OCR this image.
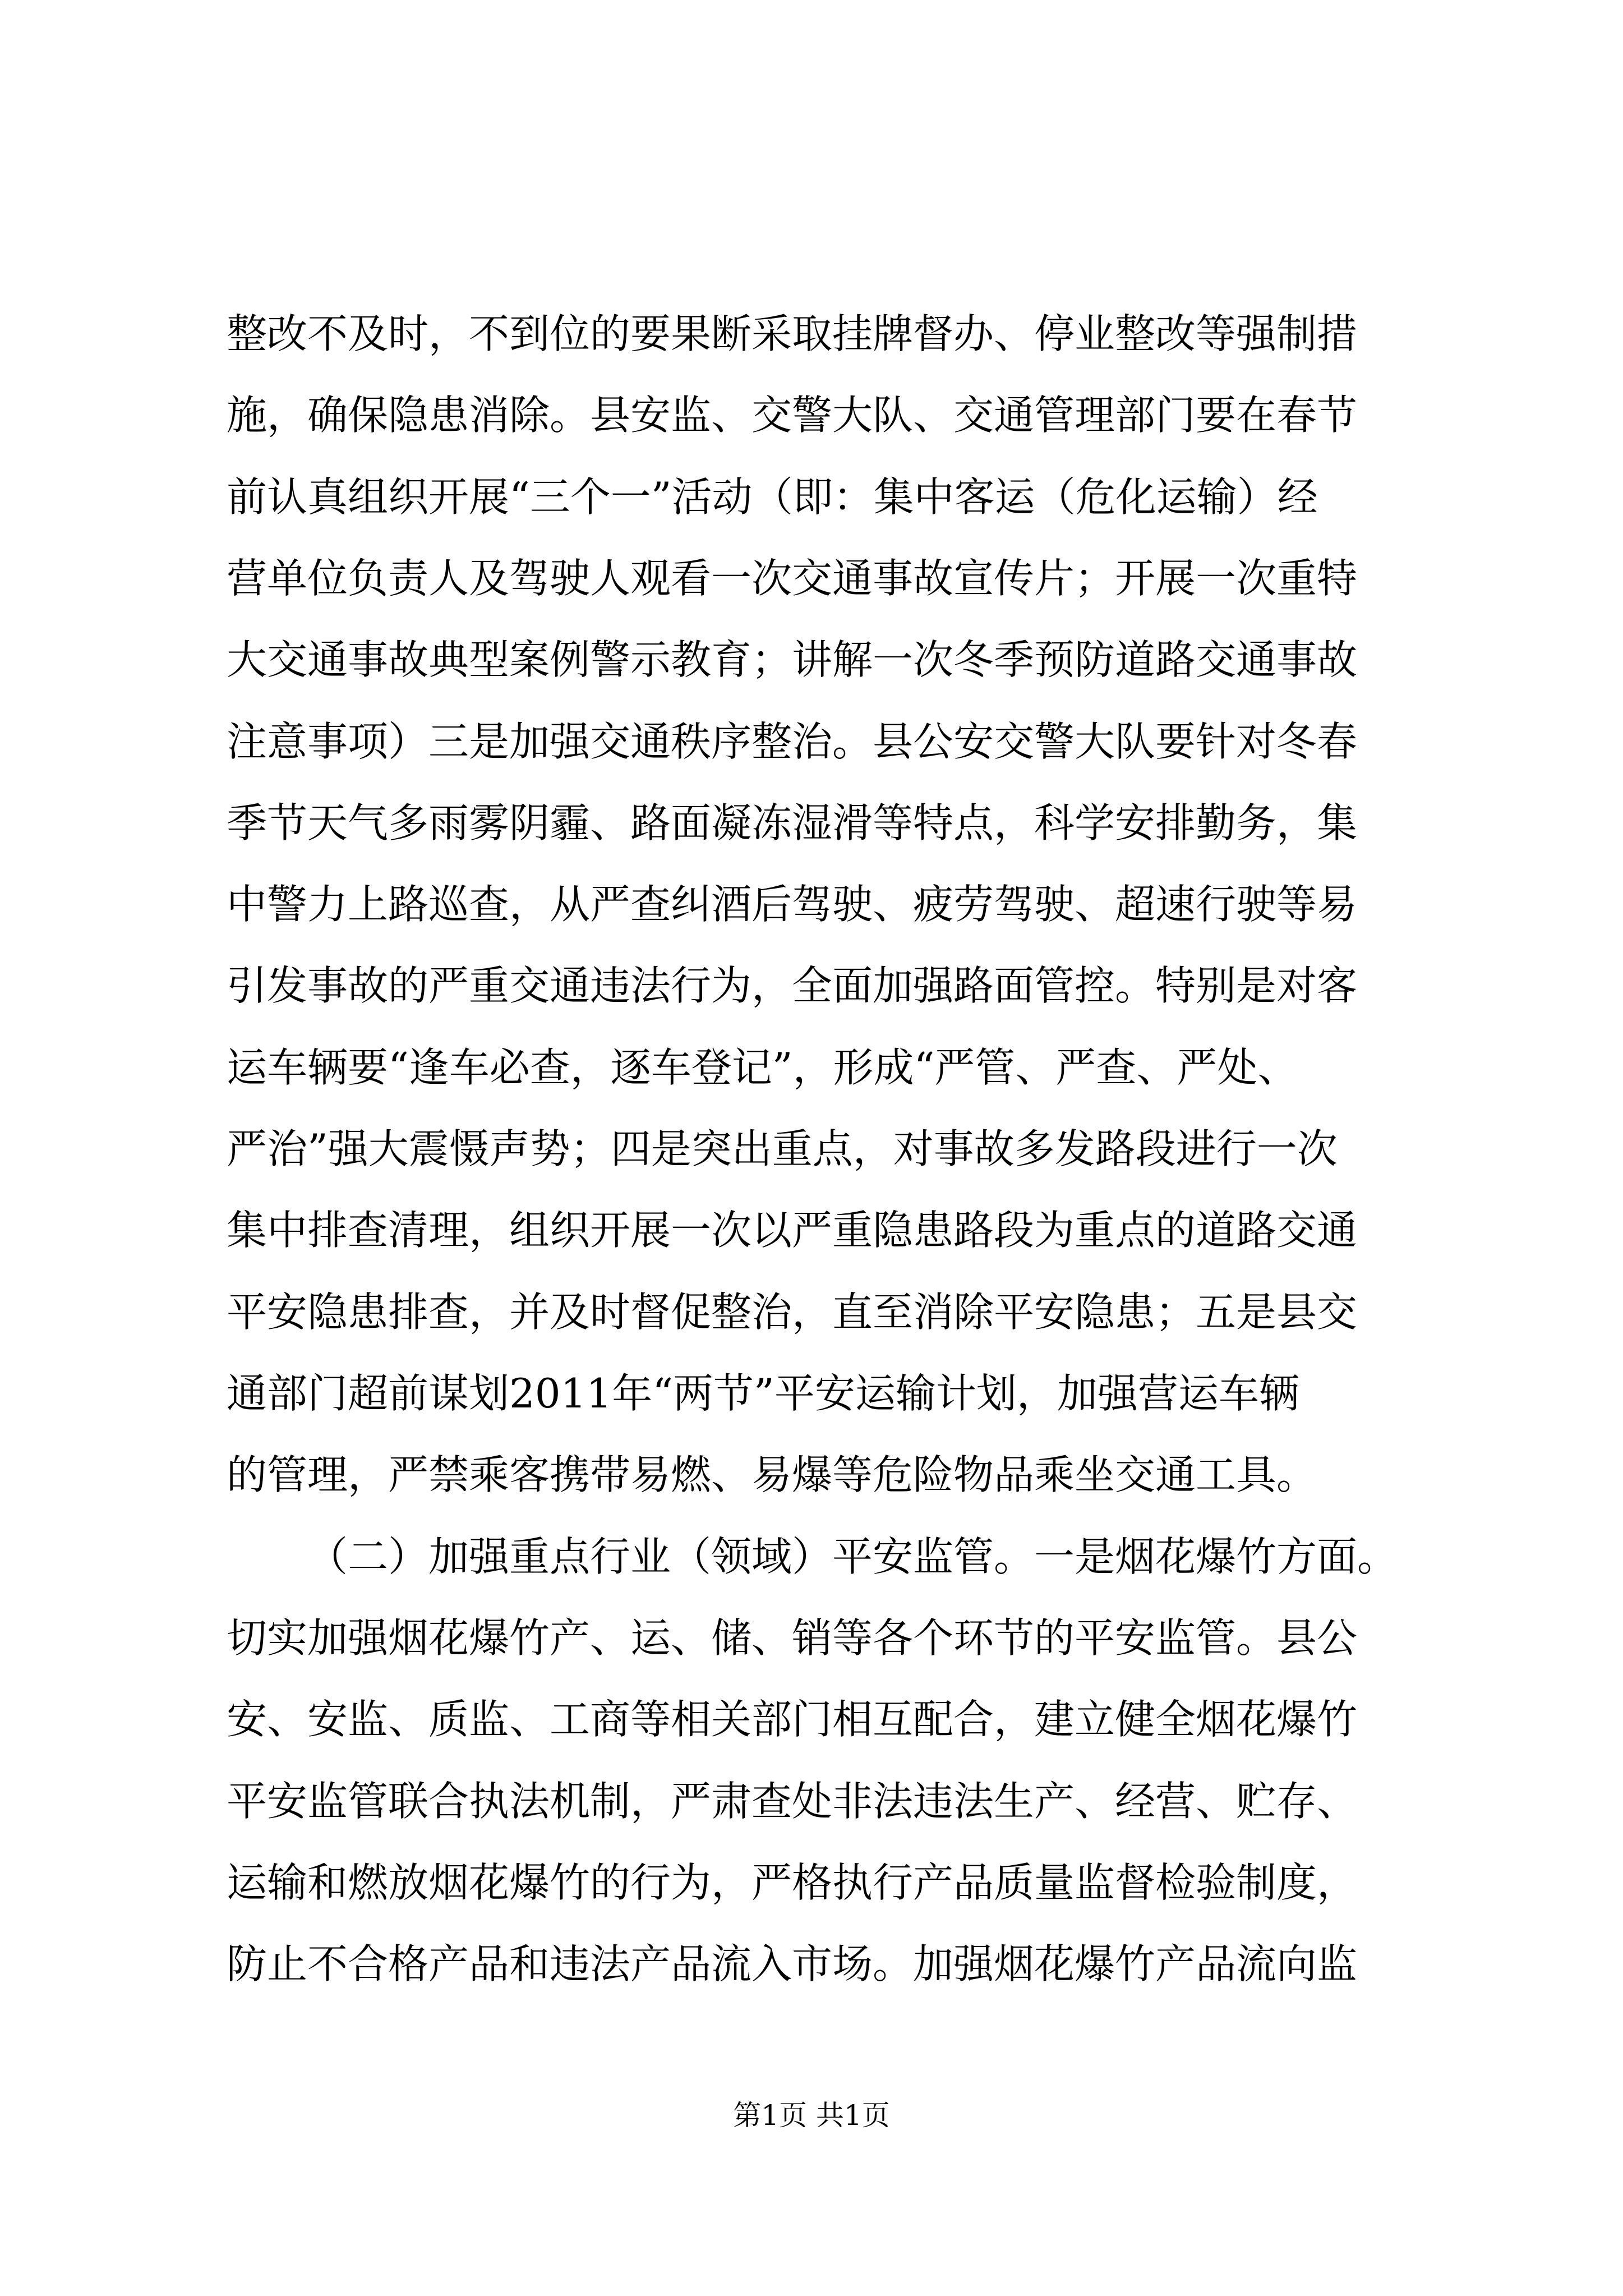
整改不及时，不到位的要果断采取挂牌督办、停业整改等强制措
施，确保隐患消除。县安监、交警大队、交通管理部门要在春节
前认真组织开展“三个一”活动（即：集中客运（危化运输）经
营单位负责人及驾驶人观看一次交通事故宣传片；开展一次重特
大交通事故典型案例警示教育；讲解一次冬季预防道路交通事故
注意事项）三是加强交通秩序整治。县公安交警大队要针对冬春
季节天气多雨雾阴霾、路面凝冻湿滑等特点，科学安排勤务，集
中警力上路巡查，从严查纠酒后驾驶、疲劳驾驶、超速行驶等易
引发事故的严重交通违法行为，全面加强路面管控。特别是对客
运车辆要“逢车必查，逐车登记”，形成“严管、严查、严处、
严治”强大震慑声势；四是突出重点，对事故多发路段进行一次
集中排查清理，组织开展一次以严重隐患路段为重点的道路交通
平安隐患排查，并及时督促整治，直至消除平安隐患；五是县交
通部门超前谋划2011年“两节”平安运输计划，加强营运车辆
的管理，严禁乘客携带易燃、易爆等危险物品乘坐交通工具。
（二）加强重点行业（领域）平安监管。一是烟花爆竹方面。
切实加强烟花爆竹产、运、储、销等各个环节的平安监管。县公
安、安监、质监、工商等相关部门相互配合，建立健全烟花爆竹
平安监管联合执法机制，严肃查处非法违法生产、经营、贮存、
运输和燃放烟花爆竹的行为，严格执行产品质量监督检验制度，
防止不合格产品和违法产品流入市场。加强烟花爆竹产品流向监
第1页 共1页
